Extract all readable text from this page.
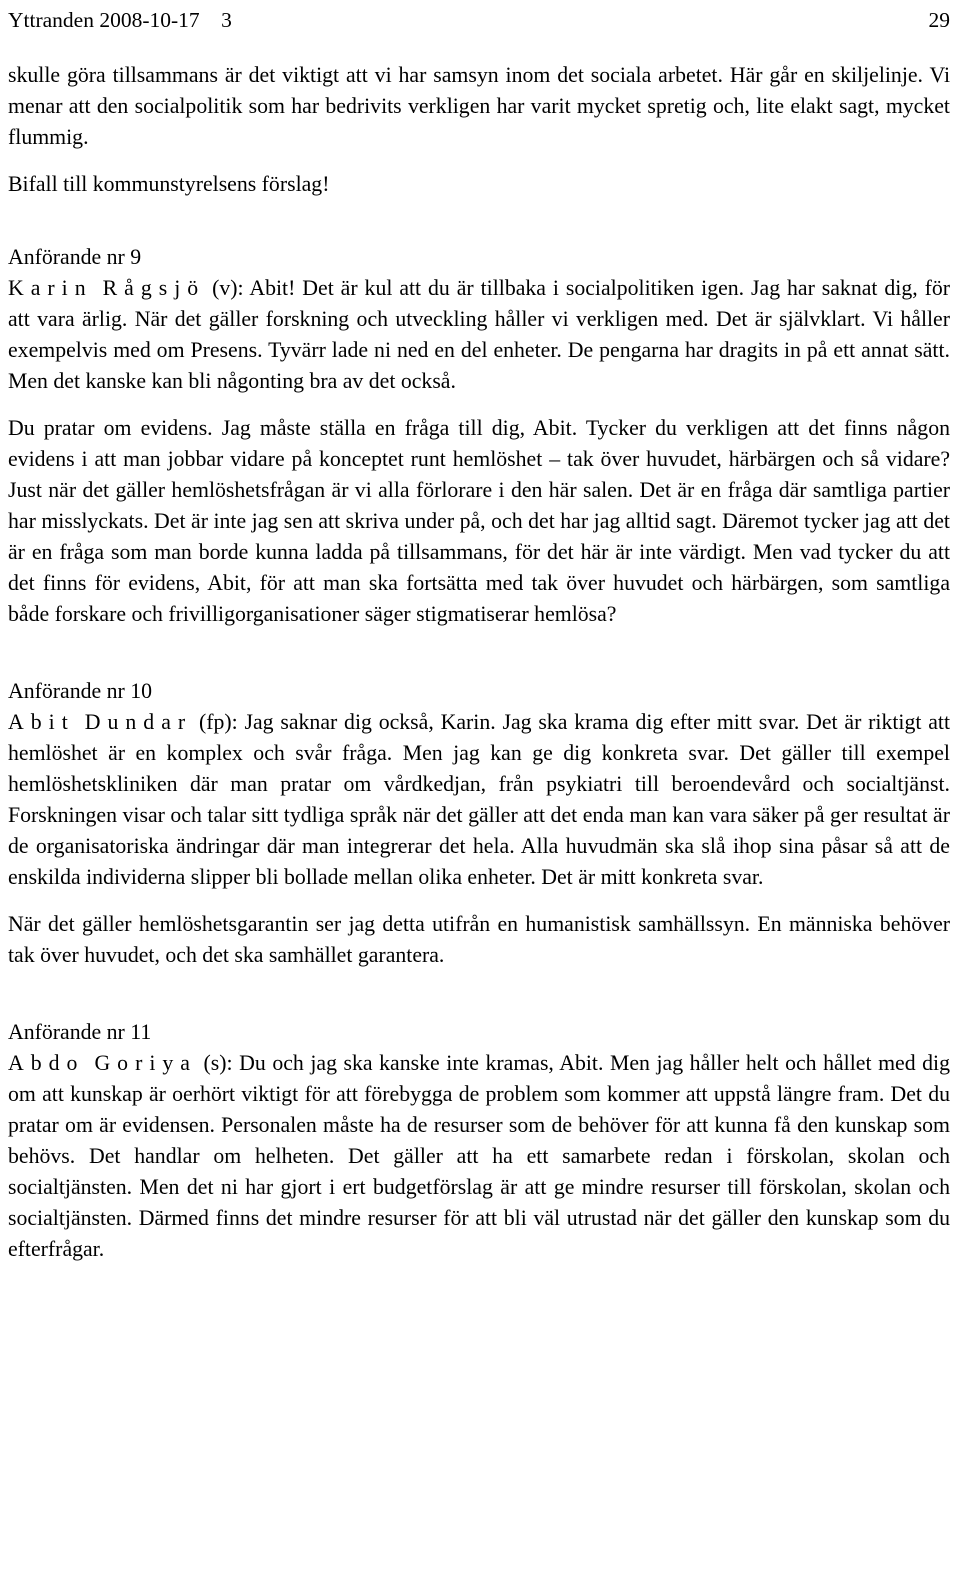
Yttranden 2008-10-17 3	29

skulle göra tillsammans är det viktigt att vi har samsyn inom det sociala arbetet. Här går en skiljelinje. Vi menar att den socialpolitik som har bedrivits verkligen har varit mycket spretig och, lite elakt sagt, mycket flummig.

Bifall till kommunstyrelsens förslag!

Anförande nr 9

Karin Rågsjö (v): Abit! Det är kul att du är tillbaka i socialpolitiken igen. Jag har saknat dig, för att vara ärlig. När det gäller forskning och utveckling håller vi verkligen med. Det är självklart. Vi håller exempelvis med om Presens. Tyvärr lade ni ned en del enheter. De pengarna har dragits in på ett annat sätt. Men det kanske kan bli någonting bra av det också.

Du pratar om evidens. Jag måste ställa en fråga till dig, Abit. Tycker du verkligen att det finns någon evidens i att man jobbar vidare på konceptet runt hemlöshet – tak över huvudet, härbärgen och så vidare? Just när det gäller hemlöshetsfrågan är vi alla förlorare i den här salen. Det är en fråga där samtliga partier har misslyckats. Det är inte jag sen att skriva under på, och det har jag alltid sagt. Däremot tycker jag att det är en fråga som man borde kunna ladda på tillsammans, för det här är inte värdigt. Men vad tycker du att det finns för evidens, Abit, för att man ska fortsätta med tak över huvudet och härbärgen, som samtliga både forskare och frivilligorganisationer säger stigmatiserar hemlösa?

Anförande nr 10

Abit Dundar (fp): Jag saknar dig också, Karin. Jag ska krama dig efter mitt svar. Det är riktigt att hemlöshet är en komplex och svår fråga. Men jag kan ge dig konkreta svar. Det gäller till exempel hemlöshetskliniken där man pratar om vårdkedjan, från psykiatri till beroendevård och socialtjänst. Forskningen visar och talar sitt tydliga språk när det gäller att det enda man kan vara säker på ger resultat är de organisatoriska ändringar där man integrerar det hela. Alla huvudmän ska slå ihop sina påsar så att de enskilda individerna slipper bli bollade mellan olika enheter. Det är mitt konkreta svar.

När det gäller hemlöshetsgarantin ser jag detta utifrån en humanistisk samhällssyn. En människa behöver tak över huvudet, och det ska samhället garantera.

Anförande nr 11

Abdo Goriya (s): Du och jag ska kanske inte kramas, Abit. Men jag håller helt och hållet med dig om att kunskap är oerhört viktigt för att förebygga de problem som kommer att uppstå längre fram. Det du pratar om är evidensen. Personalen måste ha de resurser som de behöver för att kunna få den kunskap som behövs. Det handlar om helheten. Det gäller att ha ett samarbete redan i förskolan, skolan och socialtjänsten. Men det ni har gjort i ert budgetförslag är att ge mindre resurser till förskolan, skolan och socialtjänsten. Därmed finns det mindre resurser för att bli väl utrustad när det gäller den kunskap som du efterfrågar.
